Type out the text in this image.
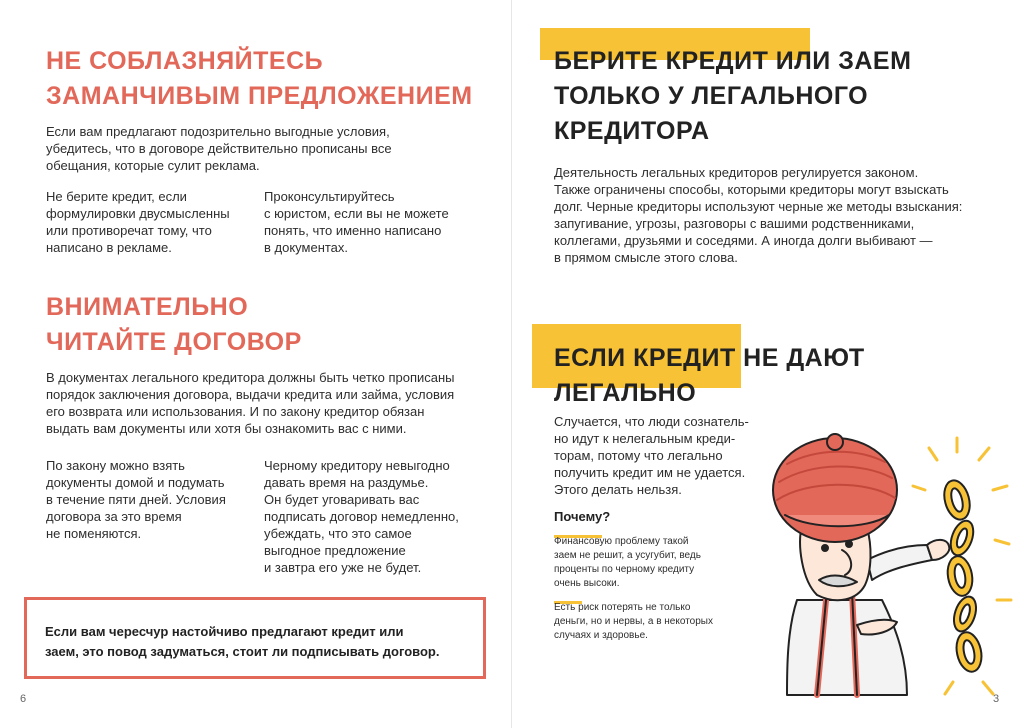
НЕ СОБЛАЗНЯЙТЕСЬ
ЗАМАНЧИВЫМ ПРЕДЛОЖЕНИЕМ
Если вам предлагают подозрительно выгодные условия,
убедитесь, что в договоре действительно прописаны все
обещания, которые сулит реклама.
Не берите кредит, если
формулировки двусмысленны
или противоречат тому, что
написано в рекламе.
Проконсультируйтесь
с юристом, если вы не можете
понять, что именно написано
в документах.
ВНИМАТЕЛЬНО
ЧИТАЙТЕ ДОГОВОР
В документах легального кредитора должны быть четко прописаны
порядок заключения договора, выдачи кредита или займа, условия
его возврата или использования. И по закону кредитор обязан
выдать вам документы или хотя бы ознакомить вас с ними.
По закону можно взять
документы домой и подумать
в течение пяти дней. Условия
договора за это время
не поменяются.
Черному кредитору невыгодно
давать время на раздумье.
Он будет уговаривать вас
подписать договор немедленно,
убеждать, что это самое
выгодное предложение
и завтра его уже не будет.
Если вам чересчур настойчиво предлагают кредит или
заем, это повод задуматься, стоит ли подписывать договор.
6
БЕРИТЕ КРЕДИТ ИЛИ ЗАЕМ
ТОЛЬКО У ЛЕГАЛЬНОГО
КРЕДИТОРА
Деятельность легальных кредиторов регулируется законом.
Также ограничены способы, которыми кредиторы могут взыскать
долг. Черные кредиторы используют черные же методы взыскания:
запугивание, угрозы, разговоры с вашими родственниками,
коллегами, друзьями и соседями. А иногда долги выбивают —
в прямом смысле этого слова.
ЕСЛИ КРЕДИТ НЕ ДАЮТ
ЛЕГАЛЬНО
Случается, что люди сознатель-
но идут к нелегальным креди-
торам, потому что легально
получить кредит им не удается.
Этого делать нельзя.
Почему?
Финансовую проблему такой
заем не решит, а усугубит, ведь
проценты по черному кредиту
очень высоки.
Есть риск потерять не только
деньги, но и нервы, а в некоторых
случаях и здоровье.
3
